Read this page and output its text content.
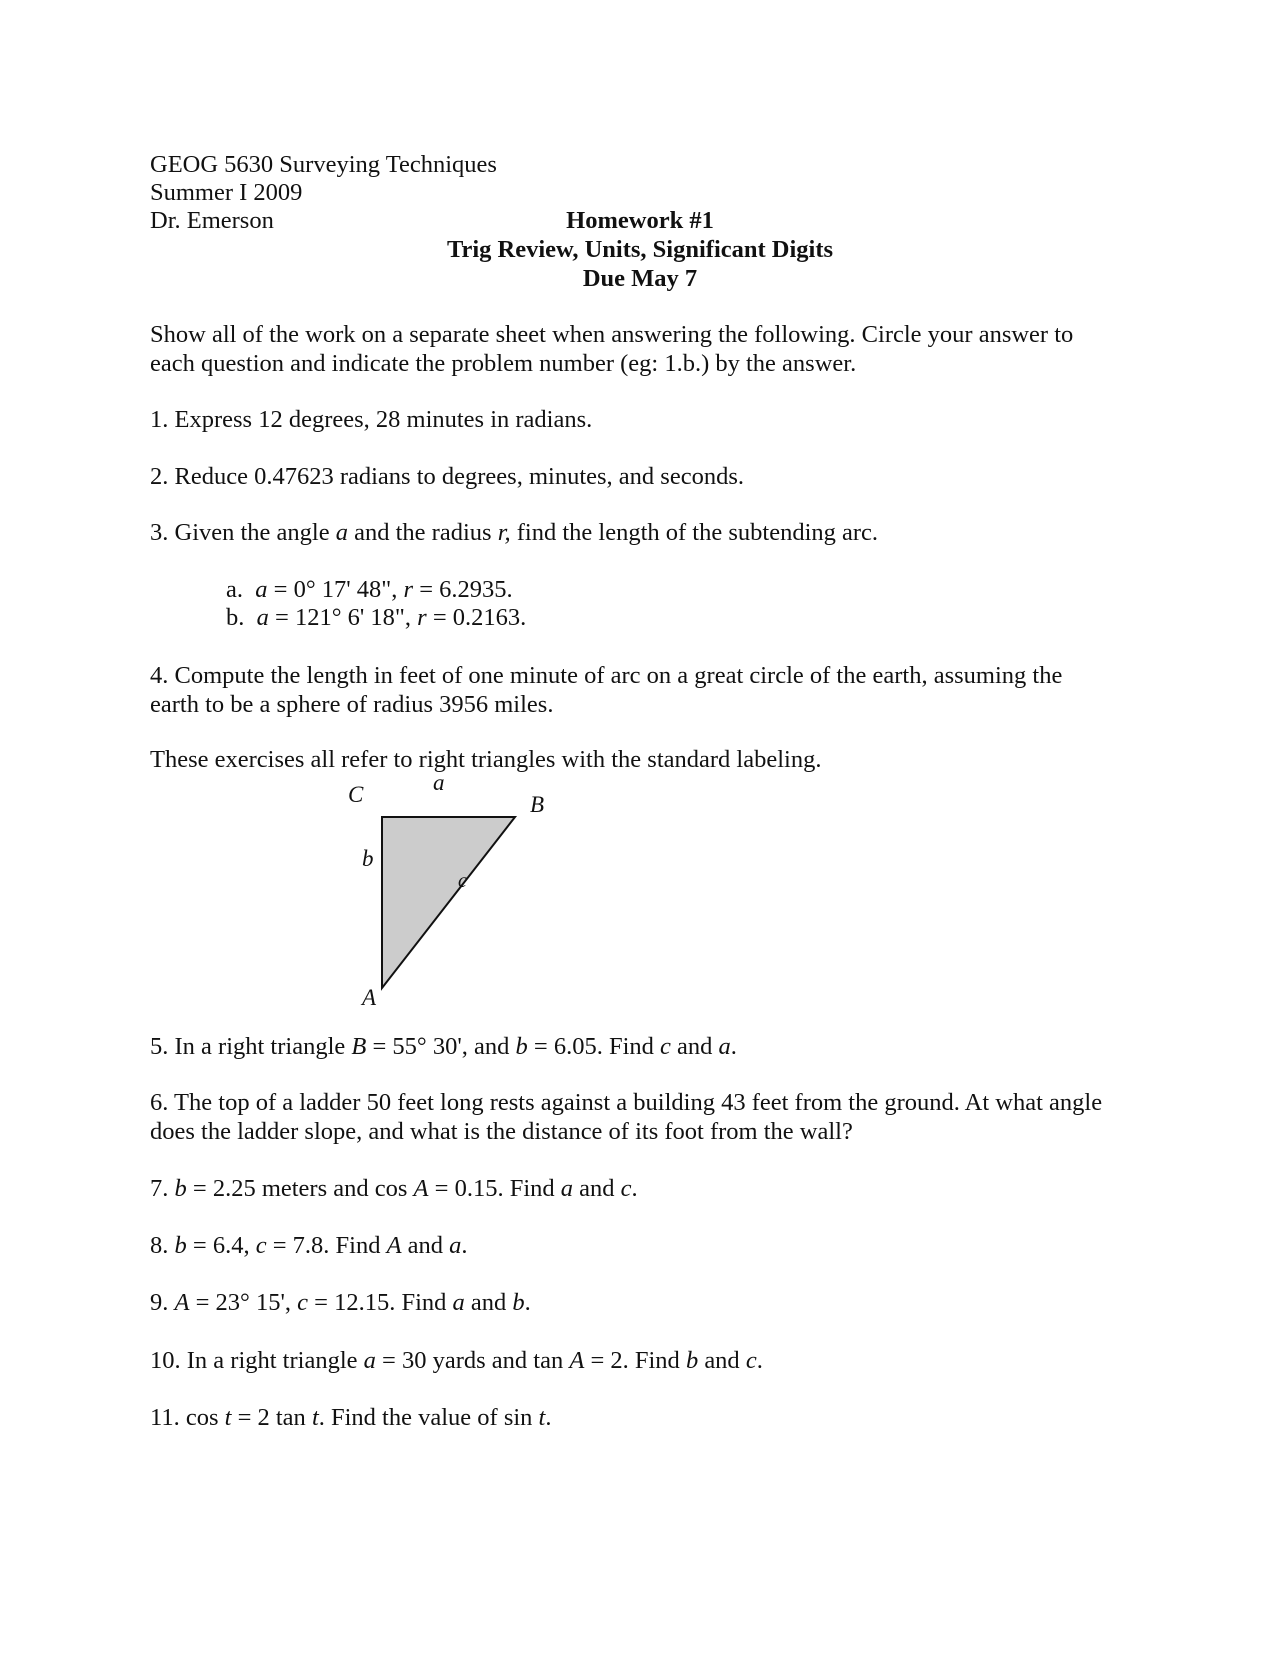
GEOG 5630 Surveying Techniques
Summer I 2009
Dr. Emerson	Homework #1
Trig Review, Units, Significant Digits
Due May 7
Show all of the work on a separate sheet when answering the following. Circle your answer to
each question and indicate the problem number (eg: 1.b.) by the answer.
1. Express 12 degrees, 28 minutes in radians.
2. Reduce 0.47623 radians to degrees, minutes, and seconds.
3. Given the angle a and the radius r, find the length of the subtending arc.
a. a = 0° 17' 48", r = 6.2935.
b. a = 121° 6' 18", r = 0.2163.
4. Compute the length in feet of one minute of arc on a great circle of the earth, assuming the
earth to be a sphere of radius 3956 miles.
These exercises all refer to right triangles with the standard labeling.
C	a
B
b
c
A
5. In a right triangle B = 55° 30', and b = 6.05. Find c and a.
6. The top of a ladder 50 feet long rests against a building 43 feet from the ground. At what angle
does the ladder slope, and what is the distance of its foot from the wall?
7. b = 2.25 meters and cos A = 0.15. Find a and c.
8. b = 6.4, c = 7.8. Find A and a.
9. A = 23° 15', c = 12.15. Find a and b.
10. In a right triangle a = 30 yards and tan A = 2. Find b and c.
11. cos t = 2 tan t. Find the value of sin t.
